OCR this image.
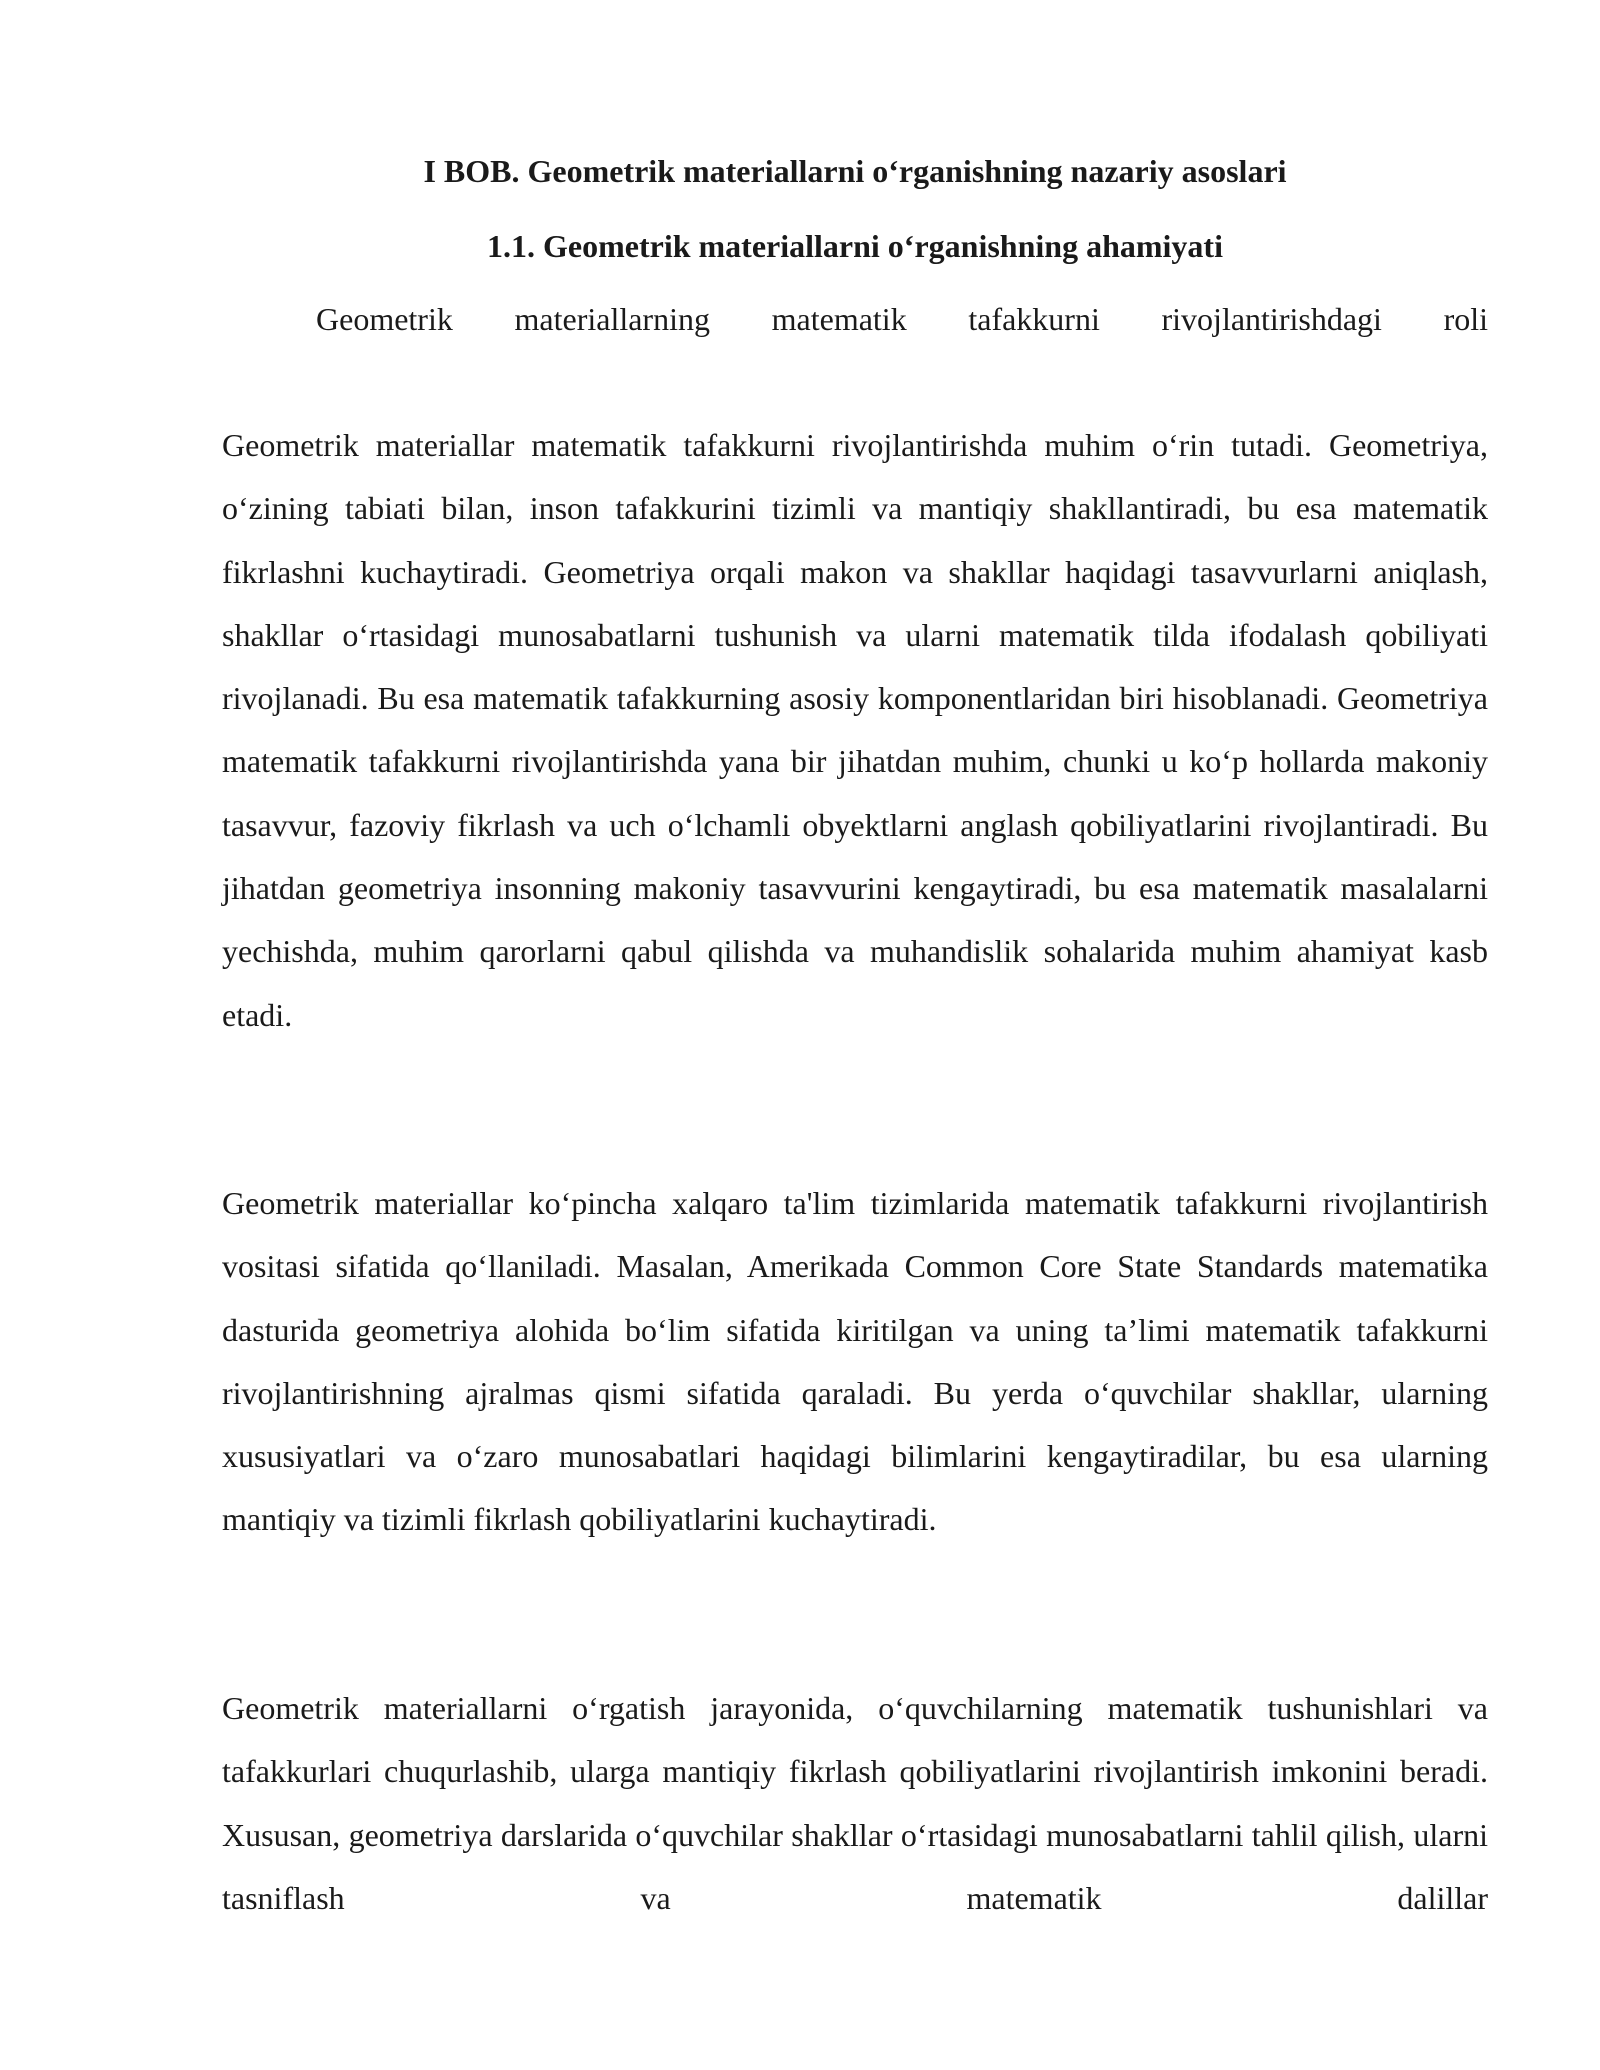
I BOB. Geometrik materiallarni o‘rganishning nazariy asoslari
1.1. Geometrik materiallarni o‘rganishning ahamiyati

Geometrik materiallarning matematik tafakkurni rivojlantirishdagi roli

Geometrik materiallar matematik tafakkurni rivojlantirishda muhim o‘rin tutadi. Geometriya, o‘zining tabiati bilan, inson tafakkurini tizimli va mantiqiy shakllantiradi, bu esa matematik fikrlashni kuchaytiradi. Geometriya orqali makon va shakllar haqidagi tasavvurlarni aniqlash, shakllar o‘rtasidagi munosabatlarni tushunish va ularni matematik tilda ifodalash qobiliyati rivojlanadi. Bu esa matematik tafakkurning asosiy komponentlaridan biri hisoblanadi. Geometriya matematik tafakkurni rivojlantirishda yana bir jihatdan muhim, chunki u ko‘p hollarda makoniy tasavvur, fazoviy fikrlash va uch o‘lchamli obyektlarni anglash qobiliyatlarini rivojlantiradi. Bu jihatdan geometriya insonning makoniy tasavvurini kengaytiradi, bu esa matematik masalalarni yechishda, muhim qarorlarni qabul qilishda va muhandislik sohalarida muhim ahamiyat kasb etadi.

Geometrik materiallar ko‘pincha xalqaro ta'lim tizimlarida matematik tafakkurni rivojlantirish vositasi sifatida qo‘llaniladi. Masalan, Amerikada Common Core State Standards matematika dasturida geometriya alohida bo‘lim sifatida kiritilgan va uning ta’limi matematik tafakkurni rivojlantirishning ajralmas qismi sifatida qaraladi. Bu yerda o‘quvchilar shakllar, ularning xususiyatlari va o‘zaro munosabatlari haqidagi bilimlarini kengaytiradilar, bu esa ularning mantiqiy va tizimli fikrlash qobiliyatlarini kuchaytiradi.

Geometrik materiallarni o‘rgatish jarayonida, o‘quvchilarning matematik tushunishlari va tafakkurlari chuqurlashib, ularga mantiqiy fikrlash qobiliyatlarini rivojlantirish imkonini beradi. Xususan, geometriya darslarida o‘quvchilar shakllar o‘rtasidagi munosabatlarni tahlil qilish, ularni tasniflash va matematik dalillar
